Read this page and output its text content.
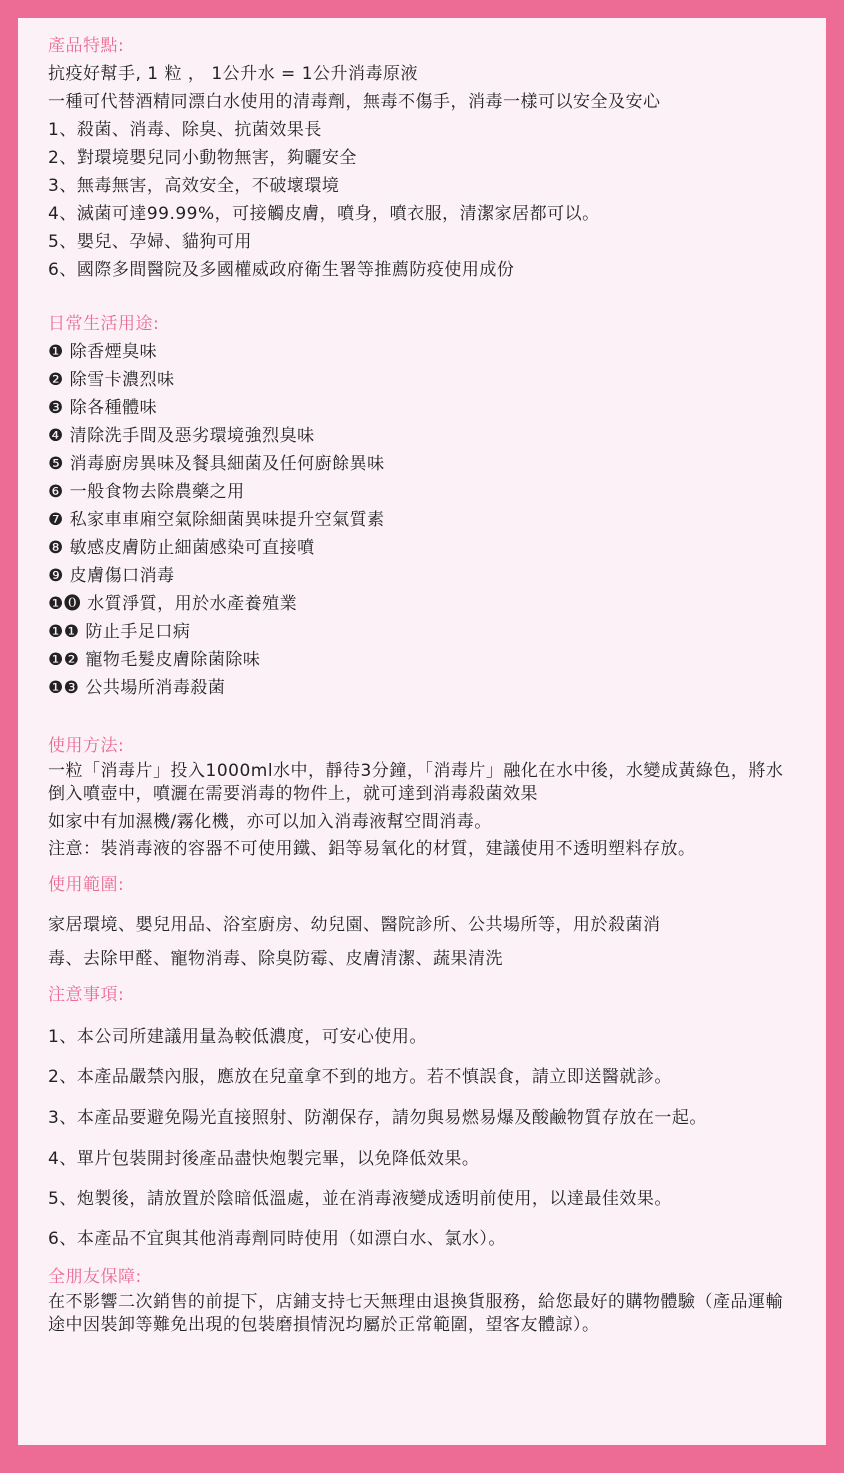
產品特點:
抗疫好幫手, 1 粒 ， 1公升水 = 1公升消毒原液
一種可代替酒精同漂白水使用的清毒劑，無毒不傷手，消毒一樣可以安全及安心
1、殺菌、消毒、除臭、抗菌效果長
2、對環境嬰兒同小動物無害，夠曬安全
3、無毒無害，高效安全，不破壞環境
4、滅菌可達99.99%，可接觸皮膚，噴身，噴衣服，清潔家居都可以。
5、嬰兒、孕婦、貓狗可用
6、國際多間醫院及多國權威政府衛生署等推薦防疫使用成份
日常生活用途:
❶ 除香煙臭味
❷ 除雪卡濃烈味
❸ 除各種體味
❹ 清除洗手間及惡劣環境強烈臭味
❺ 消毒廚房異味及餐具細菌及任何廚餘異味
❻ 一般食物去除農藥之用
❼ 私家車車廂空氣除細菌異味提升空氣質素
❽ 敏感皮膚防止細菌感染可直接噴
❾ 皮膚傷口消毒
❶⓿ 水質淨質，用於水產養殖業
❶❶ 防止手足口病
❶❷ 寵物毛髮皮膚除菌除味
❶❸ 公共場所消毒殺菌
使用方法:
一粒「消毒片」投入1000ml水中，靜待3分鐘，「消毒片」融化在水中後，水變成黃綠色，將水倒入噴壺中，噴灑在需要消毒的物件上，就可達到消毒殺菌效果
如家中有加濕機/霧化機，亦可以加入消毒液幫空間消毒。
注意：裝消毒液的容器不可使用鐵、鋁等易氧化的材質，建議使用不透明塑料存放。
使用範圍:
家居環境、嬰兒用品、浴室廚房、幼兒園、醫院診所、公共場所等，用於殺菌消
毒、去除甲醛、寵物消毒、除臭防霉、皮膚清潔、蔬果清洗
注意事項:
1、本公司所建議用量為較低濃度，可安心使用。
2、本產品嚴禁內服，應放在兒童拿不到的地方。若不慎誤食，請立即送醫就診。
3、本產品要避免陽光直接照射、防潮保存，請勿與易燃易爆及酸鹼物質存放在一起。
4、單片包裝開封後產品盡快炮製完畢，以免降低效果。
5、炮製後，請放置於陰暗低溫處，並在消毒液變成透明前使用，以達最佳效果。
6、本產品不宜與其他消毒劑同時使用（如漂白水、氯水）。
全朋友保障:
在不影響二次銷售的前提下，店鋪支持七天無理由退換貨服務，給您最好的購物體驗（產品運輸途中因裝卸等難免出現的包裝磨損情況均屬於正常範圍，望客友體諒）。
